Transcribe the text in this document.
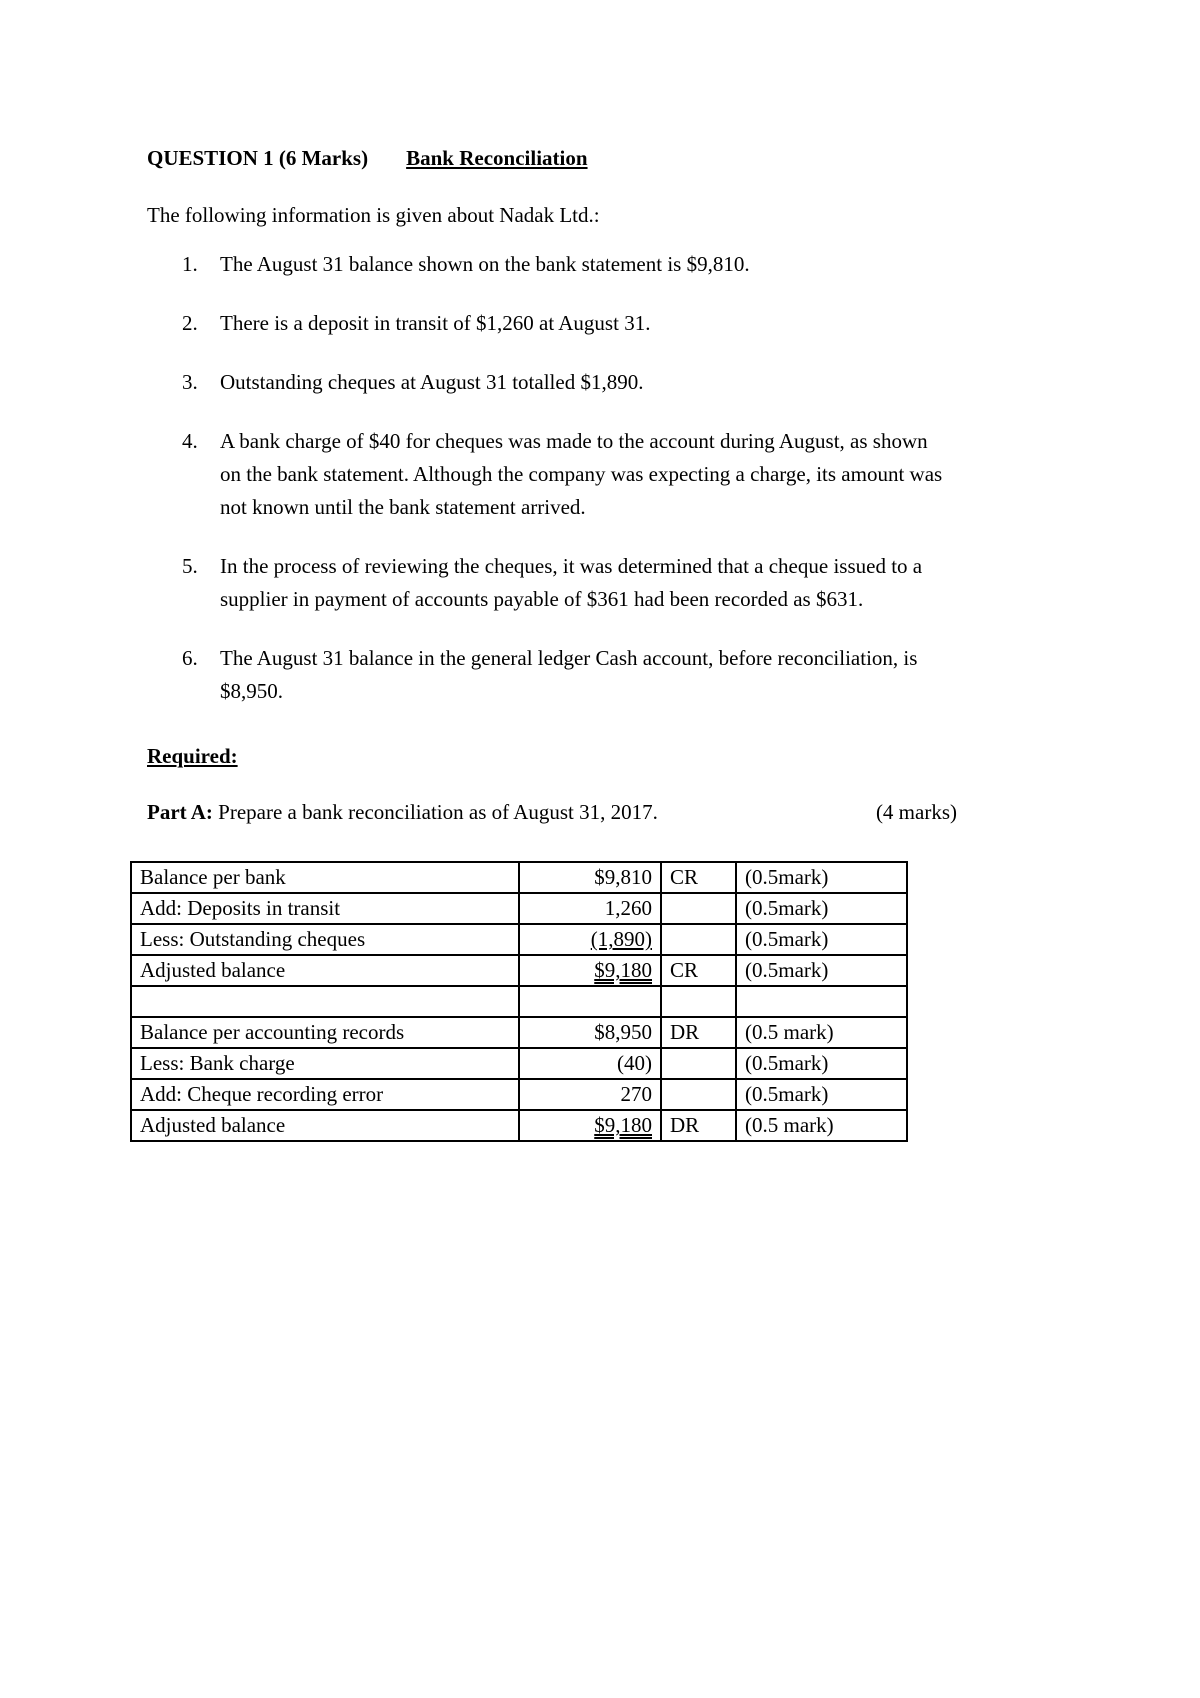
QUESTION 1 (6 Marks) Bank Reconciliation
The following information is given about Nadak Ltd.:
1. The August 31 balance shown on the bank statement is $9,810.
2. There is a deposit in transit of $1,260 at August 31.
3. Outstanding cheques at August 31 totalled $1,890.
4. A bank charge of $40 for cheques was made to the account during August, as shown
on the bank statement. Although the company was expecting a charge, its amount was
not known until the bank statement arrived.
5. In the process of reviewing the cheques, it was determined that a cheque issued to a
supplier in payment of accounts payable of $361 had been recorded as $631.
6. The August 31 balance in the general ledger Cash account, before reconciliation, is
$8,950.
Required:
Part A: Prepare a bank reconciliation as of August 31, 2017.	(4 marks)
Balance per bank	$9,810	CR	(0.5mark)
Add: Deposits in transit	1,260		(0.5mark)
Less: Outstanding cheques	(1,890)		(0.5mark)
Adjusted balance	$9,180	CR	(0.5mark)

Balance per accounting records	$8,950	DR	(0.5 mark)
Less: Bank charge	(40)		(0.5mark)
Add: Cheque recording error	270		(0.5mark)
Adjusted balance	$9,180	DR	(0.5 mark)
